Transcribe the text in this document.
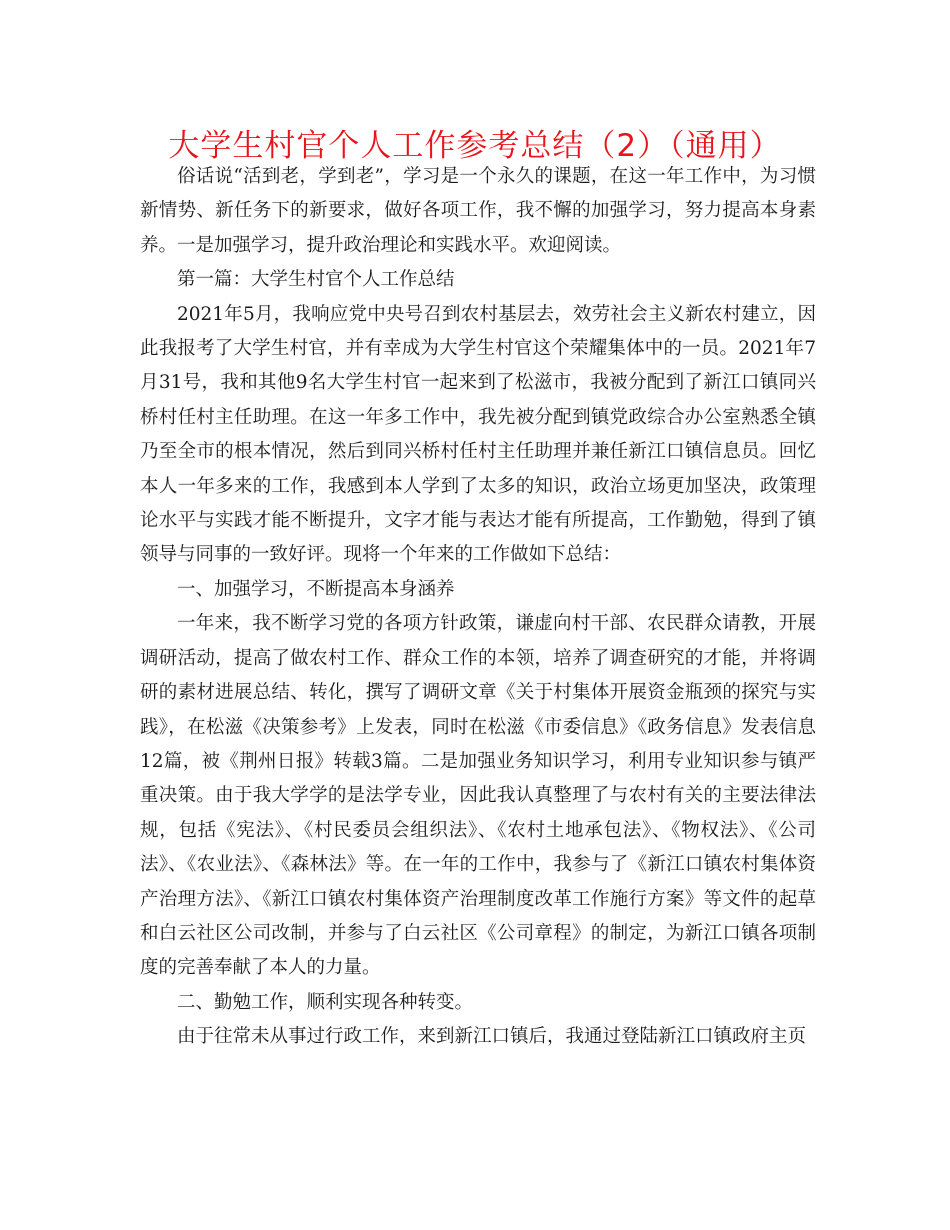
大学生村官个人工作参考总结（2）（通用）

俗话说“活到老，学到老”，学习是一个永久的课题，在这一年工作中，为习惯新情势、新任务下的新要求，做好各项工作，我不懈的加强学习，努力提高本身素养。一是加强学习，提升政治理论和实践水平。欢迎阅读。

第一篇：大学生村官个人工作总结

2021年5月，我响应党中央号召到农村基层去，效劳社会主义新农村建立，因此我报考了大学生村官，并有幸成为大学生村官这个荣耀集体中的一员。2021年7月31号，我和其他9名大学生村官一起来到了松滋市，我被分配到了新江口镇同兴桥村任村主任助理。在这一年多工作中，我先被分配到镇党政综合办公室熟悉全镇乃至全市的根本情况，然后到同兴桥村任村主任助理并兼任新江口镇信息员。回忆本人一年多来的工作，我感到本人学到了太多的知识，政治立场更加坚决，政策理论水平与实践才能不断提升，文字才能与表达才能有所提高，工作勤勉，得到了镇领导与同事的一致好评。现将一个年来的工作做如下总结：

一、加强学习，不断提高本身涵养

一年来，我不断学习党的各项方针政策，谦虚向村干部、农民群众请教，开展调研活动，提高了做农村工作、群众工作的本领，培养了调查研究的才能，并将调研的素材进展总结、转化，撰写了调研文章《关于村集体开展资金瓶颈的探究与实践》，在松滋《决策参考》上发表，同时在松滋《市委信息》《政务信息》发表信息12篇，被《荆州日报》转载3篇。二是加强业务知识学习，利用专业知识参与镇严重决策。由于我大学学的是法学专业，因此我认真整理了与农村有关的主要法律法规，包括《宪法》、《村民委员会组织法》、《农村土地承包法》、《物权法》、《公司法》、《农业法》、《森林法》等。在一年的工作中，我参与了《新江口镇农村集体资产治理方法》、《新江口镇农村集体资产治理制度改革工作施行方案》等文件的起草和白云社区公司改制，并参与了白云社区《公司章程》的制定，为新江口镇各项制度的完善奉献了本人的力量。

二、勤勉工作，顺利实现各种转变。

由于往常未从事过行政工作，来到新江口镇后，我通过登陆新江口镇政府主页
